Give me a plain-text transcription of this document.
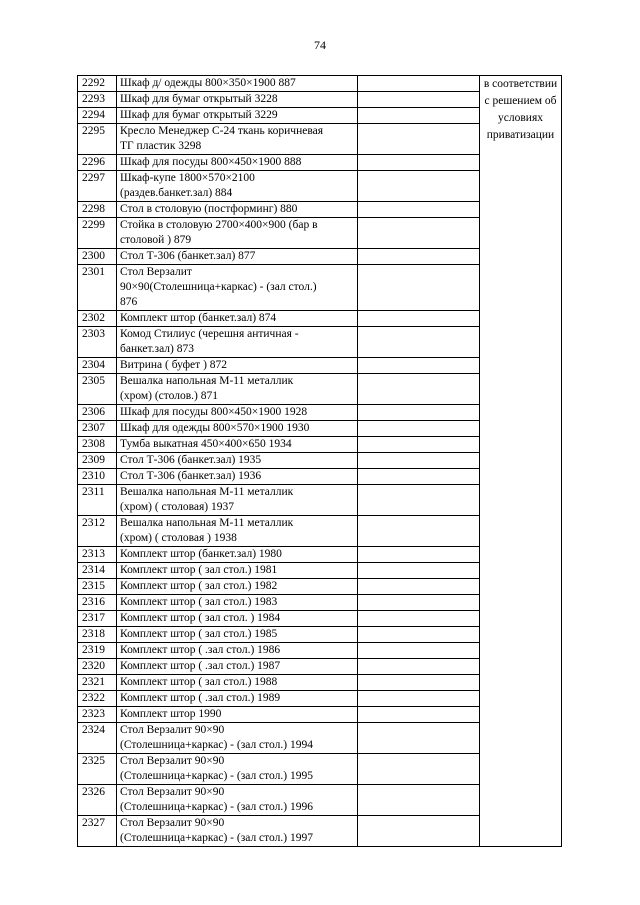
74
2292	Шкаф д/ одежды 800×350×1900 887		в соответствии с решением об условиях приватизации
2293	Шкаф для бумаг открытый 3228		

2294	Шкаф для бумаг открытый 3229		

2295	Кресло Менеджер С-24 ткань коричневая
ТГ пластик 3298		

2296	Шкаф для посуды 800×450×1900 888		

2297	Шкаф-купе 1800×570×2100
(раздев.банкет.зал) 884		

2298	Стол в столовую (постформинг) 880		

2299	Стойка в столовую 2700×400×900 (бар в
столовой ) 879		

2300	Стол Т-306 (банкет.зал) 877		

2301	Стол Верзалит
90×90(Столешница+каркас) - (зал стол.)
876		

2302	Комплект штор (банкет.зал) 874		

2303	Комод Стилиус (черешня античная -
банкет.зал) 873		

2304	Витрина ( буфет ) 872		

2305	Вешалка напольная М-11 металлик
(хром) (столов.) 871		

2306	Шкаф для посуды 800×450×1900 1928		

2307	Шкаф для одежды 800×570×1900 1930		

2308	Тумба выкатная 450×400×650 1934		

2309	Стол Т-306 (банкет.зал) 1935		

2310	Стол Т-306 (банкет.зал) 1936		

2311	Вешалка напольная М-11 металлик
(хром) ( столовая) 1937		

2312	Вешалка напольная М-11 металлик
(хром) ( столовая ) 1938		

2313	Комплект штор (банкет.зал) 1980		

2314	Комплект штор ( зал стол.) 1981		

2315	Комплект штор ( зал стол.) 1982		

2316	Комплект штор ( зал стол.) 1983		

2317	Комплект штор ( зал стол. ) 1984		

2318	Комплект штор ( зал стол.) 1985		

2319	Комплект штор ( .зал стол.) 1986		

2320	Комплект штор ( .зал стол.) 1987		

2321	Комплект штор ( зал стол.) 1988		

2322	Комплект штор ( .зал стол.) 1989		

2323	Комплект штор 1990		

2324	Стол Верзалит 90×90
(Столешница+каркас) - (зал стол.) 1994		

2325	Стол Верзалит 90×90
(Столешница+каркас) - (зал стол.) 1995		

2326	Стол Верзалит 90×90
(Столешница+каркас) - (зал стол.) 1996		

2327	Стол Верзалит 90×90
(Столешница+каркас) - (зал стол.) 1997		
